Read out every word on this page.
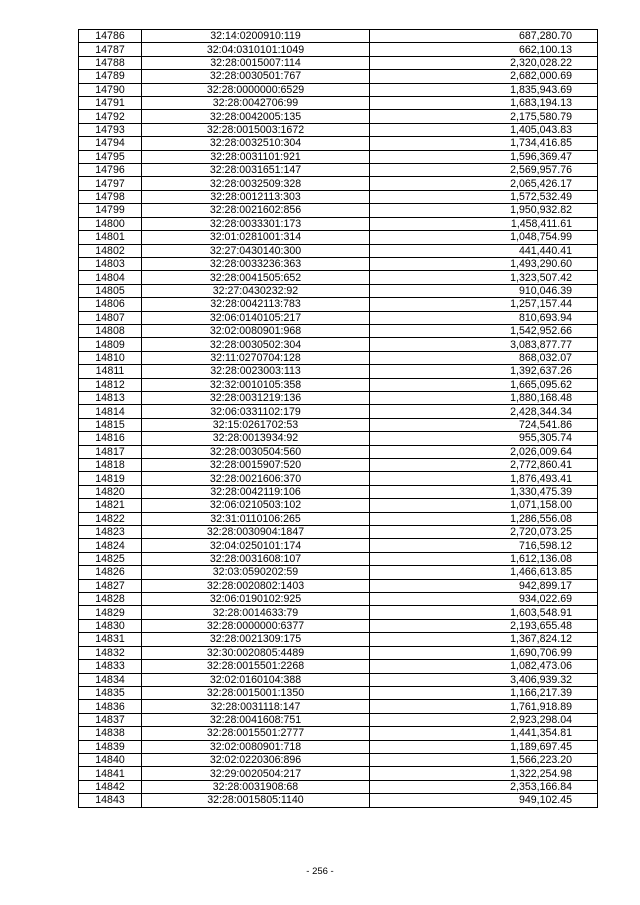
14786	32:14:0200910:119	687,280.70
14787	32:04:0310101:1049	662,100.13
14788	32:28:0015007:114	2,320,028.22
14789	32:28:0030501:767	2,682,000.69
14790	32:28:0000000:6529	1,835,943.69
14791	32:28:0042706:99	1,683,194.13
14792	32:28:0042005:135	2,175,580.79
14793	32:28:0015003:1672	1,405,043.83
14794	32:28:0032510:304	1,734,416.85
14795	32:28:0031101:921	1,596,369.47
14796	32:28:0031651:147	2,569,957.76
14797	32:28:0032509:328	2,065,426.17
14798	32:28:0012113:303	1,572,532.49
14799	32:28:0021602:856	1,950,932.82
14800	32:28:0033301:173	1,458,411.61
14801	32:01:0281001:314	1,048,754.99
14802	32:27:0430140:300	441,440.41
14803	32:28:0033236:363	1,493,290.60
14804	32:28:0041505:652	1,323,507.42
14805	32:27:0430232:92	910,046.39
14806	32:28:0042113:783	1,257,157.44
14807	32:06:0140105:217	810,693.94
14808	32:02:0080901:968	1,542,952.66
14809	32:28:0030502:304	3,083,877.77
14810	32:11:0270704:128	868,032.07
14811	32:28:0023003:113	1,392,637.26
14812	32:32:0010105:358	1,665,095.62
14813	32:28:0031219:136	1,880,168.48
14814	32:06:0331102:179	2,428,344.34
14815	32:15:0261702:53	724,541.86
14816	32:28:0013934:92	955,305.74
14817	32:28:0030504:560	2,026,009.64
14818	32:28:0015907:520	2,772,860.41
14819	32:28:0021606:370	1,876,493.41
14820	32:28:0042119:106	1,330,475.39
14821	32:06:0210503:102	1,071,158.00
14822	32:31:0110106:265	1,286,556.08
14823	32:28:0030904:1847	2,720,073.25
14824	32:04:0250101:174	716,598.12
14825	32:28:0031608:107	1,612,136.08
14826	32:03:0590202:59	1,466,613.85
14827	32:28:0020802:1403	942,899.17
14828	32:06:0190102:925	934,022.69
14829	32:28:0014633:79	1,603,548.91
14830	32:28:0000000:6377	2,193,655.48
14831	32:28:0021309:175	1,367,824.12
14832	32:30:0020805:4489	1,690,706.99
14833	32:28:0015501:2268	1,082,473.06
14834	32:02:0160104:388	3,406,939.32
14835	32:28:0015001:1350	1,166,217.39
14836	32:28:0031118:147	1,761,918.89
14837	32:28:0041608:751	2,923,298.04
14838	32:28:0015501:2777	1,441,354.81
14839	32:02:0080901:718	1,189,697.45
14840	32:02:0220306:896	1,566,223.20
14841	32:29:0020504:217	1,322,254.98
14842	32:28:0031908:68	2,353,166.84
14843	32:28:0015805:1140	949,102.45
- 256 -
